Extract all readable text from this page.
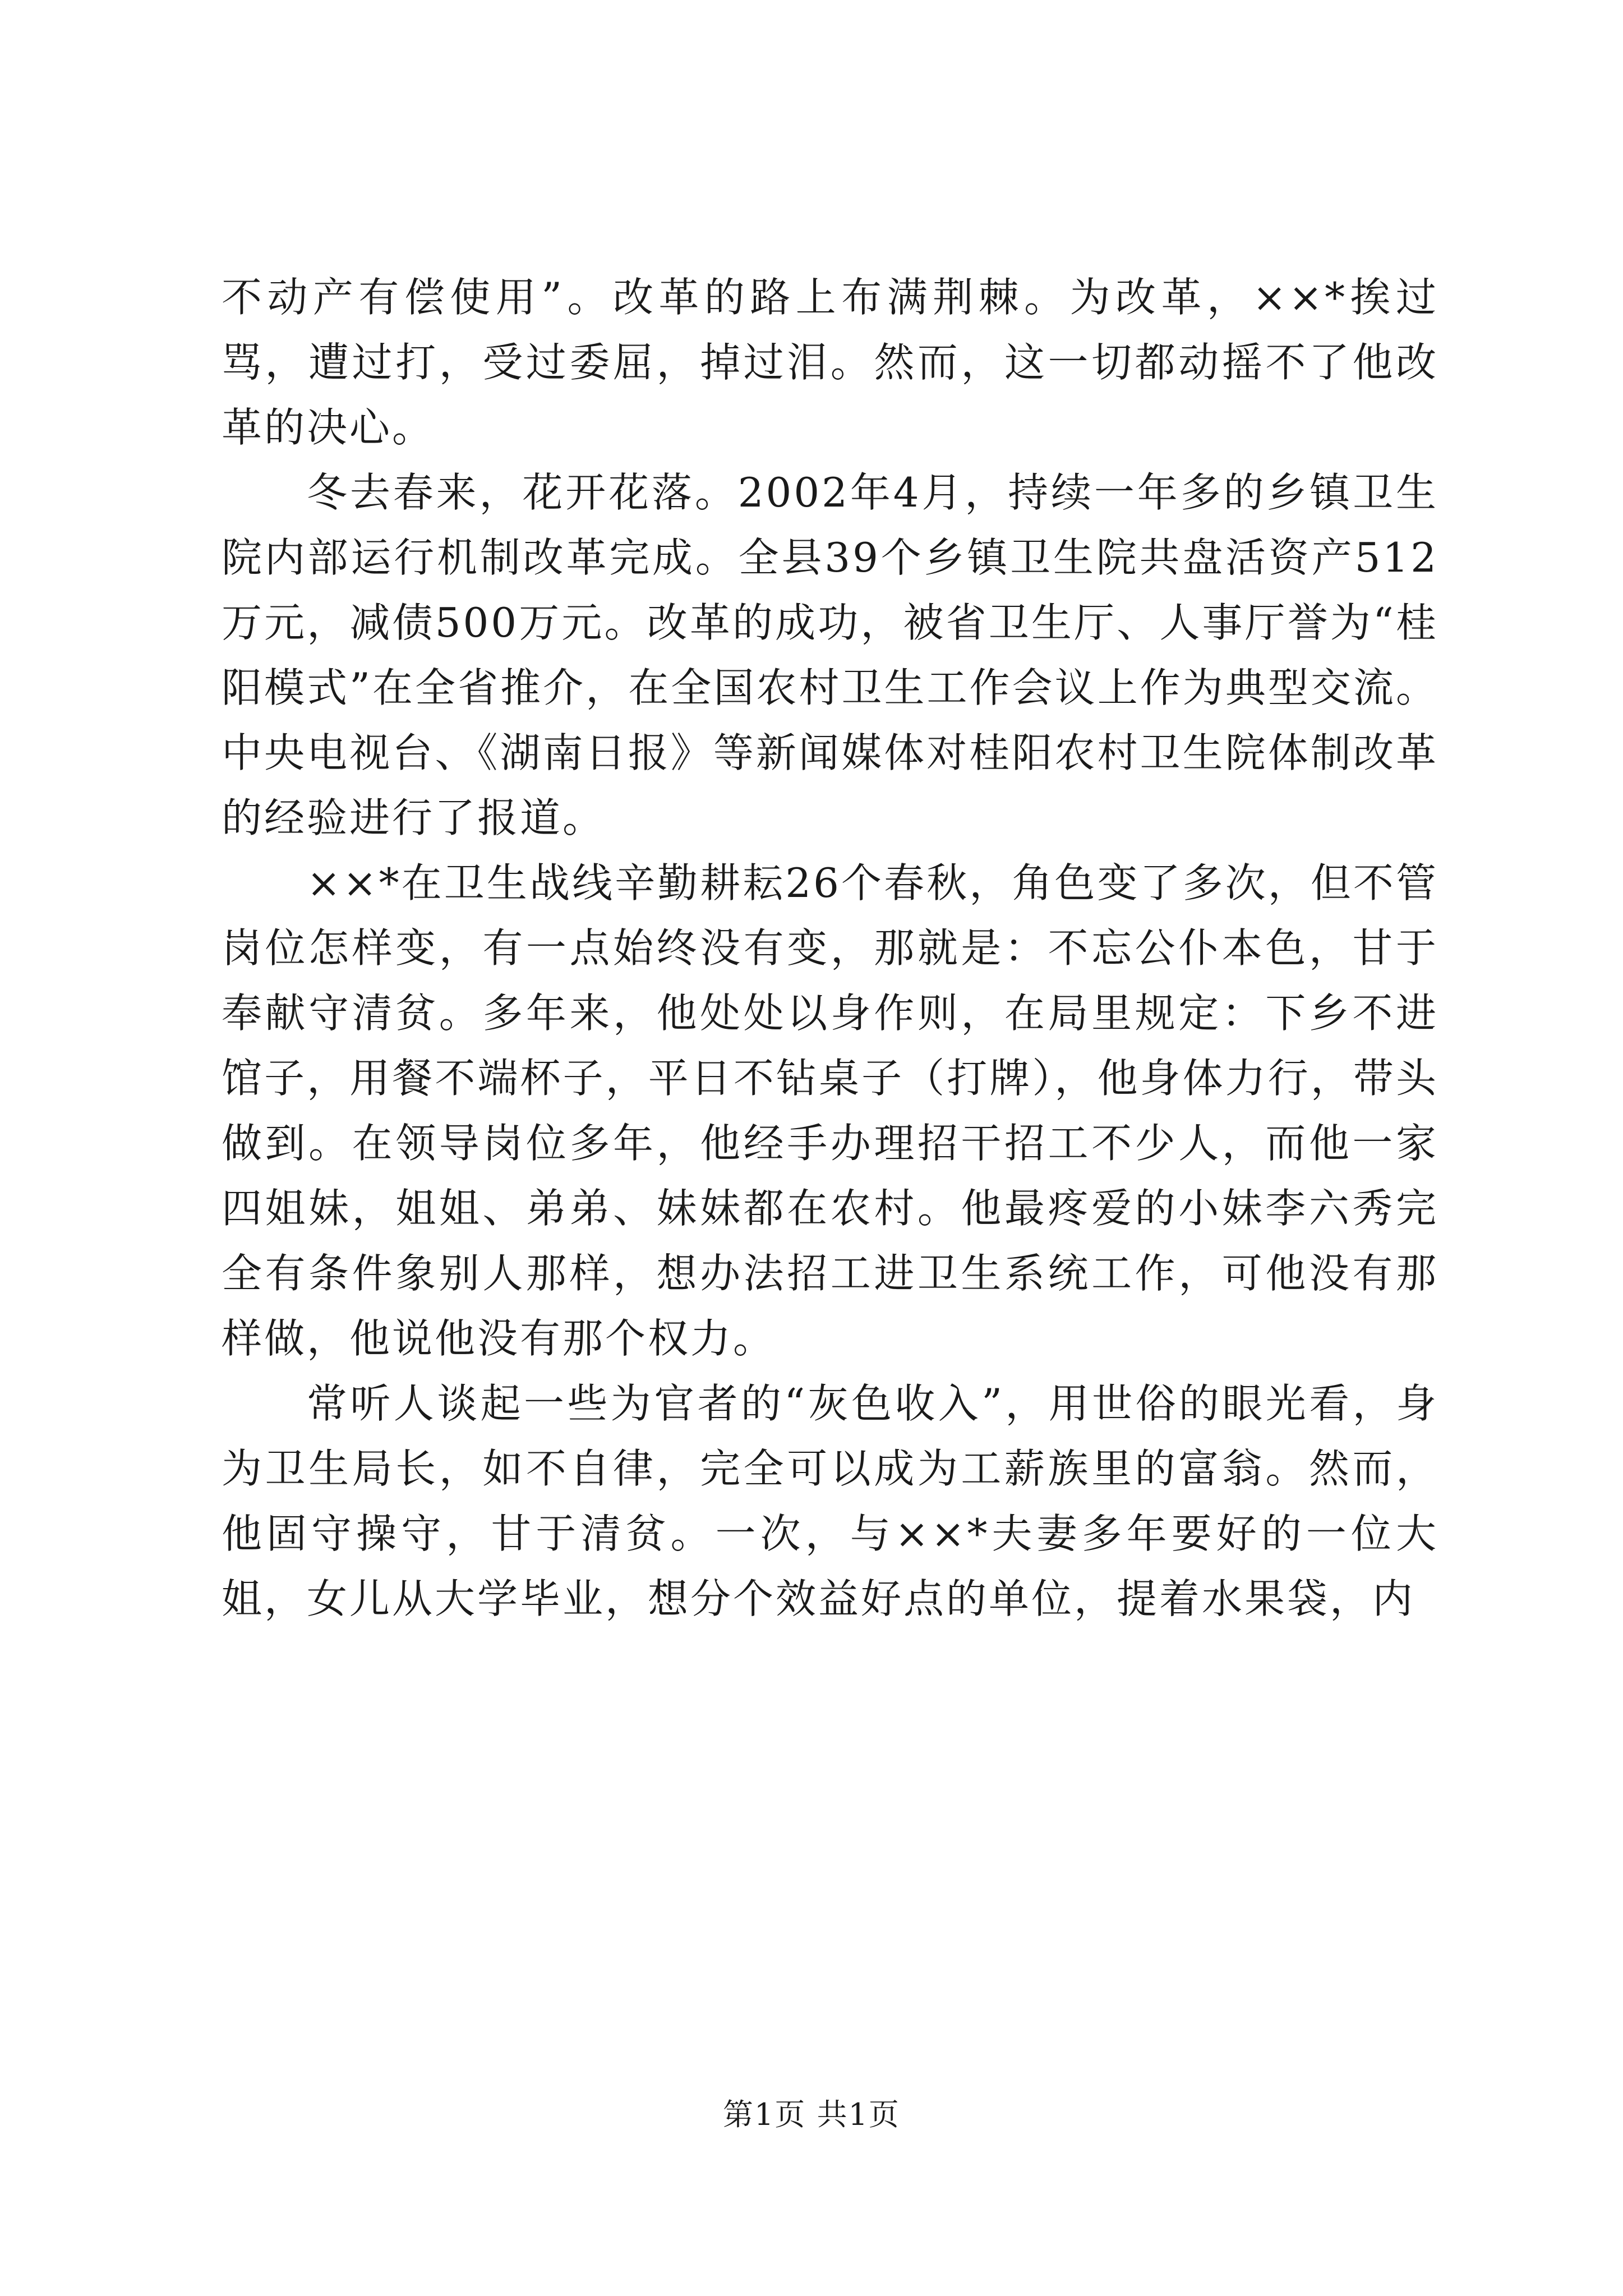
不动产有偿使用”。改革的路上布满荆棘。为改革，××*挨过骂，遭过打，受过委屈，掉过泪。然而，这一切都动摇不了他改革的决心。

冬去春来，花开花落。2002年4月，持续一年多的乡镇卫生院内部运行机制改革完成。全县39个乡镇卫生院共盘活资产512万元，减债500万元。改革的成功，被省卫生厅、人事厅誉为“桂阳模式”在全省推介，在全国农村卫生工作会议上作为典型交流。中央电视台、《湖南日报》等新闻媒体对桂阳农村卫生院体制改革的经验进行了报道。

××*在卫生战线辛勤耕耘26个春秋，角色变了多次，但不管岗位怎样变，有一点始终没有变，那就是：不忘公仆本色，甘于奉献守清贫。多年来，他处处以身作则，在局里规定：下乡不进馆子，用餐不端杯子，平日不钻桌子（打牌），他身体力行，带头做到。在领导岗位多年，他经手办理招干招工不少人，而他一家四姐妹，姐姐、弟弟、妹妹都在农村。他最疼爱的小妹李六秀完全有条件象别人那样，想办法招工进卫生系统工作，可他没有那样做，他说他没有那个权力。

常听人谈起一些为官者的“灰色收入”，用世俗的眼光看，身为卫生局长，如不自律，完全可以成为工薪族里的富翁。然而，他固守操守，甘于清贫。一次，与××*夫妻多年要好的一位大姐，女儿从大学毕业，想分个效益好点的单位，提着水果袋，内

第1页 共1页
